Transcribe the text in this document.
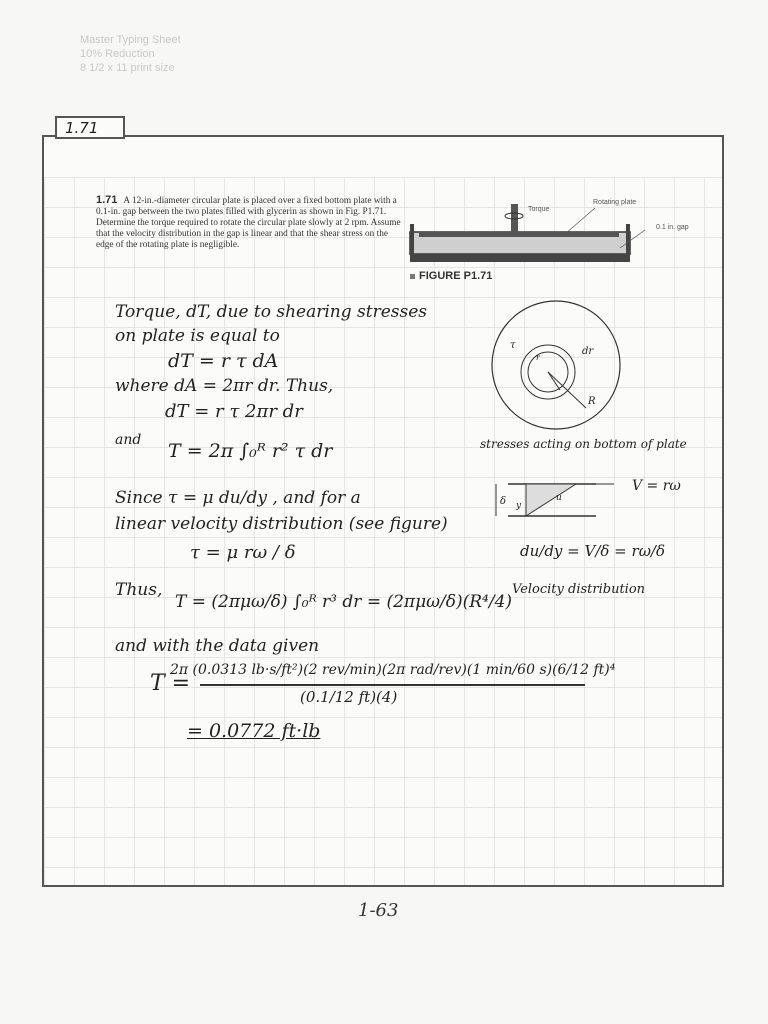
Master Typing Sheet
10% Reduction
8 1/2 x 11 print size
1.71
1.71 A 12-in.-diameter circular plate is placed over a fixed bottom plate with a 0.1-in. gap between the two plates filled with glycerin as shown in Fig. P1.71. Determine the torque required to rotate the circular plate slowly at 2 rpm. Assume that the velocity distribution in the gap is linear and that the shear stress on the edge of the rotating plate is negligible.
Torque
Rotating plate
0.1 in. gap
FIGURE P1.71
Torque, dT, due to shearing stresses
on plate is equal to
dT = r τ dA
where dA = 2πr dr. Thus,
dT = r τ 2πr dr
and T = 2π ∫₀ᴿ r² τ dr
Since τ = μ du/dy , and for a
linear velocity distribution (see figure)
τ = μ rω / δ
Thus,
T = (2πμω/δ) ∫₀ᴿ r³ dr = (2πμω/δ)(R⁴/4)
and with the data given
2π (0.0313 lb·s/ft²)(2 rev/min)(2π rad/rev)(1 min/60 s)(6/12 ft)⁴
(0.1/12 ft)(4)
T =
= 0.0772 ft·lb
R
r
τ
dr
stresses acting on bottom of plate
δ y
u
V = rω
du/dy = V/δ = rω/δ
Velocity distribution
1-63
